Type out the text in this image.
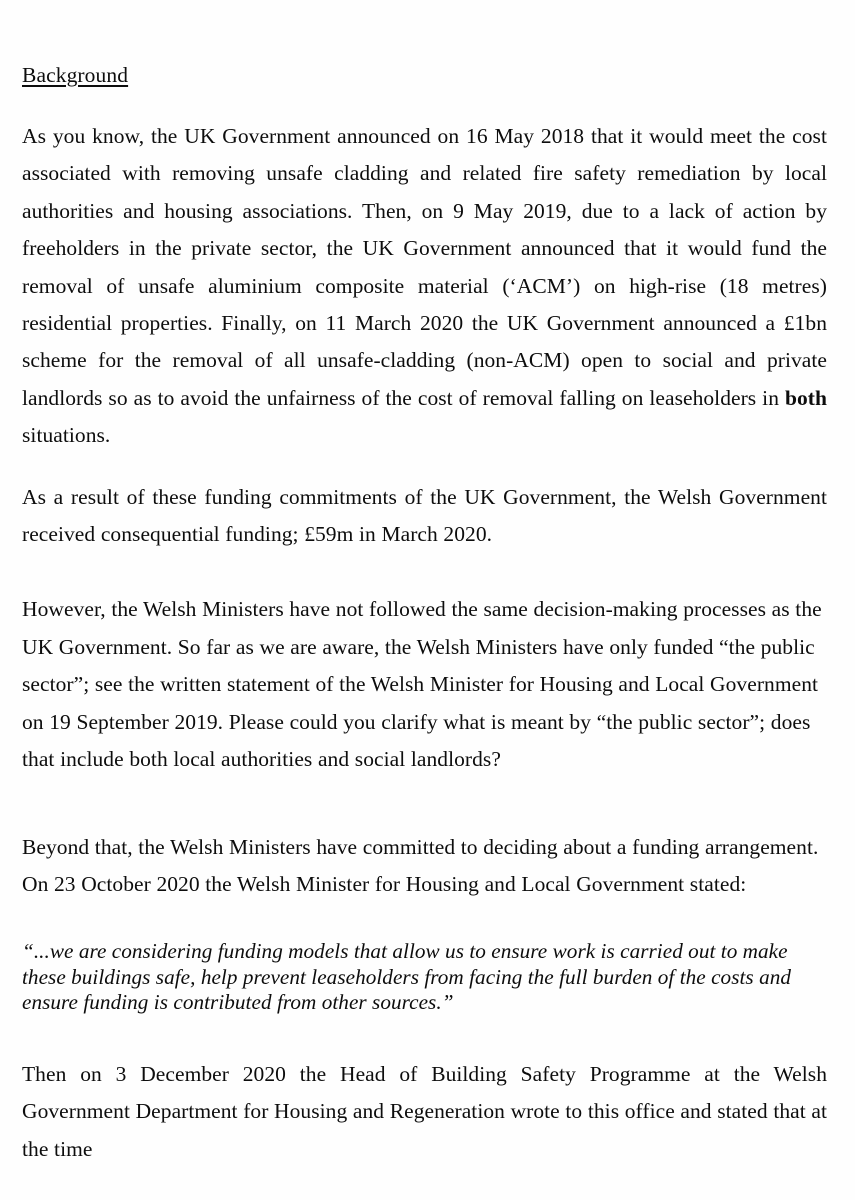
Background

As you know, the UK Government announced on 16 May 2018 that it would meet the cost associated with removing unsafe cladding and related fire safety remediation by local authorities and housing associations. Then, on 9 May 2019, due to a lack of action by freeholders in the private sector, the UK Government announced that it would fund the removal of unsafe aluminium composite material (‘ACM’) on high-rise (18 metres) residential properties. Finally, on 11 March 2020 the UK Government announced a £1bn scheme for the removal of all unsafe-cladding (non-ACM) open to social and private landlords so as to avoid the unfairness of the cost of removal falling on leaseholders in both situations.

As a result of these funding commitments of the UK Government, the Welsh Government received consequential funding; £59m in March 2020.

However, the Welsh Ministers have not followed the same decision-making processes as the UK Government. So far as we are aware, the Welsh Ministers have only funded “the public sector”; see the written statement of the Welsh Minister for Housing and Local Government on 19 September 2019. Please could you clarify what is meant by “the public sector”; does that include both local authorities and social landlords?

Beyond that, the Welsh Ministers have committed to deciding about a funding arrangement. On 23 October 2020 the Welsh Minister for Housing and Local Government stated:

“...we are considering funding models that allow us to ensure work is carried out to make these buildings safe, help prevent leaseholders from facing the full burden of the costs and ensure funding is contributed from other sources.”

Then on 3 December 2020 the Head of Building Safety Programme at the Welsh Government Department for Housing and Regeneration wrote to this office and stated that at the time
